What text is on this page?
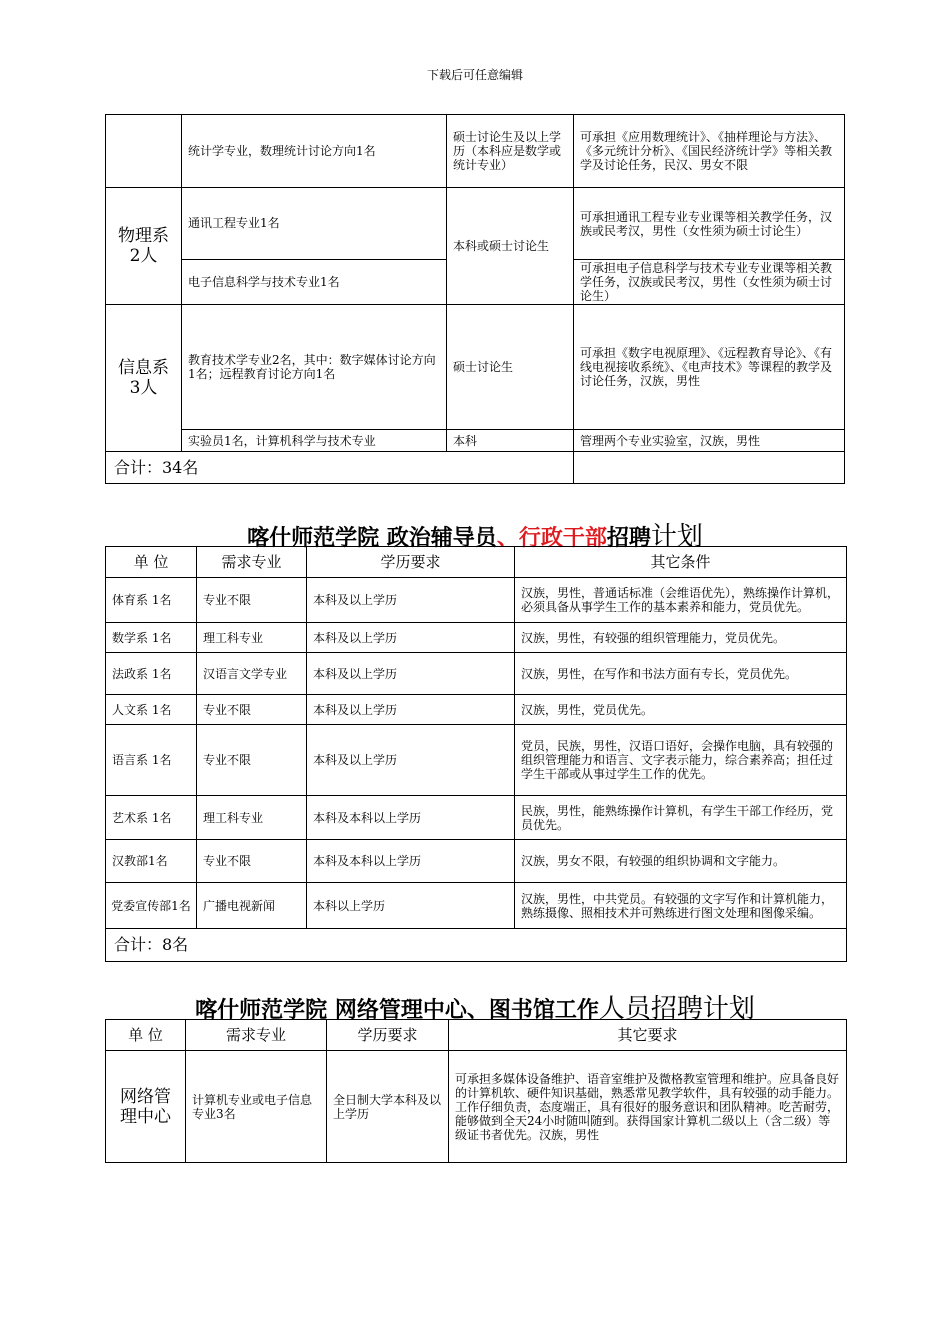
下载后可任意编辑
	统计学专业，数理统计讨论方向1名	硕士讨论生及以上学历（本科应是数学或统计专业）	可承担《应用数理统计》、《抽样理论与方法》、《多元统计分析》、《国民经济统计学》等相关教学及讨论任务，民汉、男女不限

物理系
2人	通讯工程专业1名	本科或硕士讨论生	可承担通讯工程专业专业课等相关教学任务，汉族或民考汉，男性（女性须为硕士讨论生）
	电子信息科学与技术专业1名		可承担电子信息科学与技术专业专业课等相关教学任务，汉族或民考汉，男性（女性须为硕士讨论生）

信息系
3人	教育技术学专业2名，其中：数字媒体讨论方向1名；远程教育讨论方向1名	硕士讨论生	可承担《数字电视原理》、《远程教育导论》、《有线电视接收系统》、《电声技术》等课程的教学及讨论任务，汉族，男性
	实验员1名，计算机科学与技术专业	本科	管理两个专业实验室，汉族，男性
合计：34名			
喀什师范学院 政治辅导员、行政干部招聘计划
单 位	需求专业	学历要求	其它条件
体育系 1名	专业不限	本科及以上学历	汉族，男性，普通话标准（会维语优先），熟练操作计算机，必须具备从事学生工作的基本素养和能力，党员优先。
数学系 1名	理工科专业	本科及以上学历	汉族，男性，有较强的组织管理能力，党员优先。
法政系 1名	汉语言文学专业	本科及以上学历	汉族，男性，在写作和书法方面有专长，党员优先。
人文系 1名	专业不限	本科及以上学历	汉族，男性，党员优先。
语言系 1名	专业不限	本科及以上学历	党员，民族，男性，汉语口语好，会操作电脑，具有较强的组织管理能力和语言、文字表示能力，综合素养高；担任过学生干部或从事过学生工作的优先。
艺术系 1名	理工科专业	本科及本科以上学历	民族，男性，能熟练操作计算机，有学生干部工作经历，党员优先。
汉教部1名	专业不限	本科及本科以上学历	汉族，男女不限，有较强的组织协调和文字能力。
党委宣传部1名	广播电视新闻	本科以上学历	汉族，男性，中共党员。有较强的文字写作和计算机能力，熟练摄像、照相技术并可熟练进行图文处理和图像采编。
合计：8名			
喀什师范学院 网络管理中心、图书馆工作人员招聘计划
单 位	需求专业	学历要求	其它要求
网络管理中心	计算机专业或电子信息专业3名	全日制大学本科及以上学历	可承担多媒体设备维护、语音室维护及微格教室管理和维护。应具备良好的计算机软、硬件知识基础，熟悉常见教学软件，具有较强的动手能力。工作仔细负责，态度端正，具有很好的服务意识和团队精神。吃苦耐劳，能够做到全天24小时随叫随到。获得国家计算机二级以上（含二级）等级证书者优先。汉族，男性
